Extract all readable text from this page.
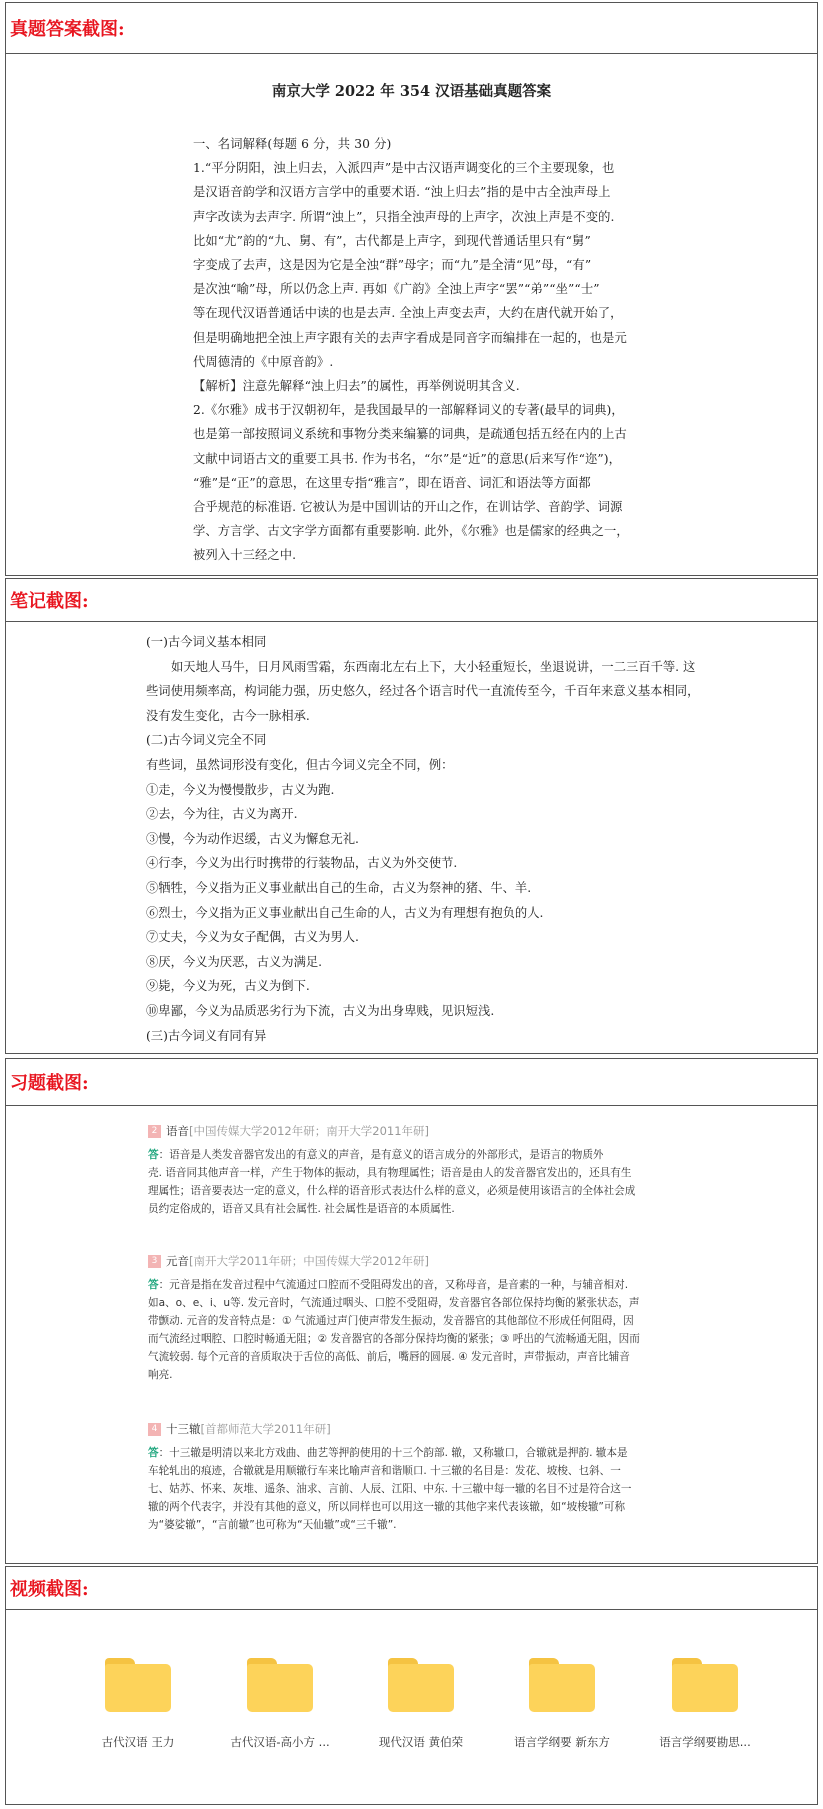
真题答案截图:
南京大学 2022 年 354 汉语基础真题答案

一、名词解释(每题 6 分，共 30 分)

1.“平分阴阳，浊上归去，入派四声”是中古汉语声调变化的三个主要现象，也

是汉语音韵学和汉语方言学中的重要术语. “浊上归去”指的是中古全浊声母上

声字改读为去声字. 所谓“浊上”，只指全浊声母的上声字，次浊上声是不变的.

比如“尤”韵的“九、舅、有”，古代都是上声字，到现代普通话里只有“舅”

字变成了去声，这是因为它是全浊“群”母字；而“九”是全清“见”母，“有”

是次浊“喻”母，所以仍念上声. 再如《广韵》全浊上声字“罢”“弟”“坐”“士”

等在现代汉语普通话中读的也是去声. 全浊上声变去声，大约在唐代就开始了，

但是明确地把全浊上声字跟有关的去声字看成是同音字而编排在一起的，也是元

代周德清的《中原音韵》.

【解析】注意先解释“浊上归去”的属性，再举例说明其含义.

2.《尔雅》成书于汉朝初年，是我国最早的一部解释词义的专著(最早的词典)，

也是第一部按照词义系统和事物分类来编纂的词典，是疏通包括五经在内的上古

文献中词语古文的重要工具书. 作为书名，“尔”是“近”的意思(后来写作“迩”)，

“雅”是“正”的意思，在这里专指“雅言”，即在语音、词汇和语法等方面都

合乎规范的标准语. 它被认为是中国训诂的开山之作，在训诂学、音韵学、词源

学、方言学、古文字学方面都有重要影响. 此外，《尔雅》也是儒家的经典之一，

被列入十三经之中.

笔记截图:

(一)古今词义基本相同

如天地人马牛，日月风雨雪霜，东西南北左右上下，大小轻重短长，坐退说讲，一二三百千等. 这

些词使用频率高，构词能力强，历史悠久，经过各个语言时代一直流传至今，千百年来意义基本相同，

没有发生变化，古今一脉相承.

(二)古今词义完全不同

有些词，虽然词形没有变化，但古今词义完全不同，例：

①走，今义为慢慢散步，古义为跑.

②去，今为往，古义为离开.

③慢，今为动作迟缓，古义为懈怠无礼.

④行李，今义为出行时携带的行装物品，古义为外交使节.

⑤牺牲，今义指为正义事业献出自己的生命，古义为祭神的猪、牛、羊.

⑥烈士，今义指为正义事业献出自己生命的人，古义为有理想有抱负的人.

⑦丈夫，今义为女子配偶，古义为男人.

⑧厌，今义为厌恶，古义为满足.

⑨毙，今义为死，古义为倒下.

⑩卑鄙，今义为品质恶劣行为下流，古义为出身卑贱，见识短浅.

(三)古今词义有同有异

习题截图:
2 语音 [中国传媒大学2012年研；南开大学2011年研]
答：语音是人类发音器官发出的有意义的声音，是有意义的语言成分的外部形式，是语言的物质外
壳. 语音同其他声音一样，产生于物体的振动，具有物理属性；语音是由人的发音器官发出的，还具有生
理属性；语音要表达一定的意义，什么样的语音形式表达什么样的意义，必须是使用该语言的全体社会成
员约定俗成的，语音又具有社会属性. 社会属性是语音的本质属性.
3 元音 [南开大学2011年研；中国传媒大学2012年研]
答：元音是指在发音过程中气流通过口腔而不受阻碍发出的音，又称母音，是音素的一种，与辅音相对.
如a、o、e、i、u等. 发元音时，气流通过咽头、口腔不受阻碍，发音器官各部位保持均衡的紧张状态，声
带颤动. 元音的发音特点是：① 气流通过声门使声带发生振动，发音器官的其他部位不形成任何阻碍，因
而气流经过咽腔、口腔时畅通无阻；② 发音器官的各部分保持均衡的紧张；③ 呼出的气流畅通无阻，因而
气流较弱. 每个元音的音质取决于舌位的高低、前后，嘴唇的圆展. ④ 发元音时，声带振动，声音比辅音
响亮.
4 十三辙 [首都师范大学2011年研]
答：十三辙是明清以来北方戏曲、曲艺等押韵使用的十三个韵部. 辙，又称辙口，合辙就是押韵. 辙本是
车轮轧出的痕迹，合辙就是用顺辙行车来比喻声音和谐顺口. 十三辙的名目是：发花、坡梭、乜斜、一
七、姑苏、怀来、灰堆、遥条、油求、言前、人辰、江阳、中东. 十三辙中每一辙的名目不过是符合这一
辙的两个代表字，并没有其他的意义，所以同样也可以用这一辙的其他字来代表该辙，如“坡梭辙”可称
为“婆娑辙”，“言前辙”也可称为“天仙辙”或“三千辙”.
视频截图:
古代汉语 王力	古代汉语-高小方 ...	现代汉语 黄伯荣	语言学纲要 新东方	语言学纲要勘思...
